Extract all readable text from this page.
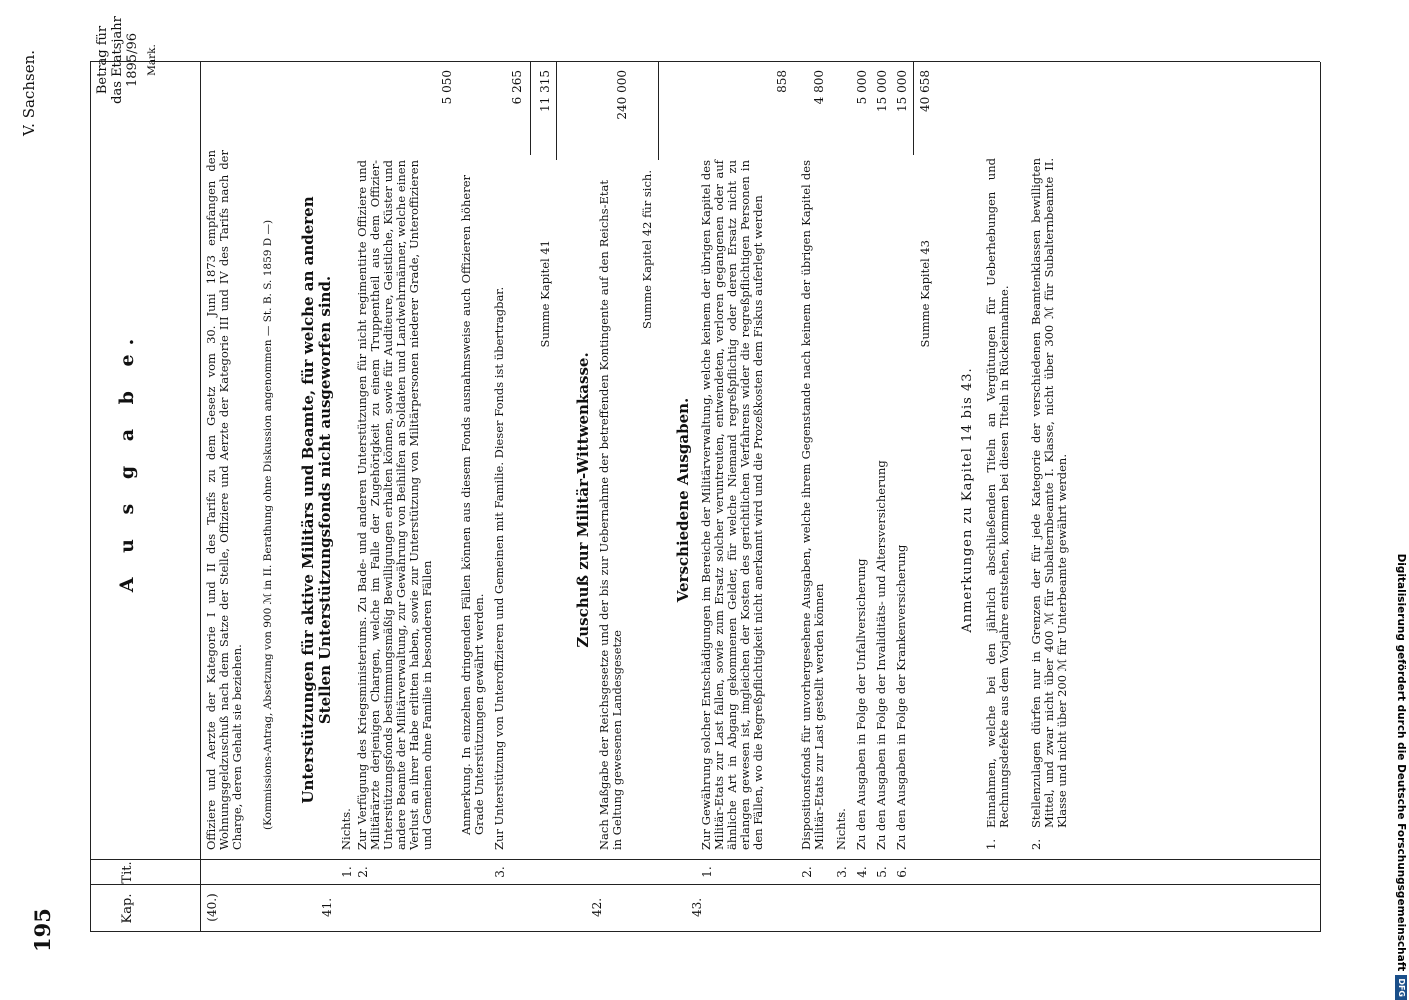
195
V. Sachsen.
Kap.
Tit.
A u s g a b e.
Betrag für das Etatsjahr 1895/96 Mark.
(40.)
Offiziere und Aerzte der Kategorie I und II des Tarifs zu dem Gesetz vom 30. Juni 1873 empfangen den Wohnungsgeldzuschuß nach dem Satze der Stelle, Offiziere und Aerzte der Kategorie III und IV des Tarifs nach der Charge, deren Gehalt sie beziehen. (Kommissions-Antrag, Absetzung von 900 ℳ in II. Berathung ohne Diskussion angenommen — St. B. S. 1859 D —)
41.
Unterstützungen für aktive Militärs und Beamte, für welche an anderen Stellen Unterstützungsfonds nicht ausgeworfen sind.
1.
Nichts.
2.
Zur Verfügung des Kriegsministeriums. Zu Bade- und anderen Unterstützungen für nicht regimentirte Offiziere und Militärärzte derjenigen Chargen, welche im Falle der Zugehörigkeit zu einem Truppentheil aus dem Offizier-Unterstützungsfonds bestimmungsmäßig Bewilligungen erhalten können, sowie für Auditeure, Geistliche, Küster und andere Beamte der Militärverwaltung, zur Gewährung von Beihilfen an Soldaten und Landwehrmänner, welche einen Verlust an ihrer Habe erlitten haben, sowie zur Unterstützung von Militärpersonen niederer Grade, Unteroffizieren und Gemeinen ohne Familie in besonderen Fällen
5 050
Anmerkung. In einzelnen dringenden Fällen können aus diesem Fonds ausnahmsweise auch Offizieren höherer Grade Unterstützungen gewährt werden.
3.
Zur Unterstützung von Unteroffizieren und Gemeinen mit Familie. Dieser Fonds ist übertragbar.
6 265
Summe Kapitel 41
11 315
42.
Zuschuß zur Militär-Wittwenkasse. Nach Maßgabe der Reichsgesetze und der bis zur Uebernahme der betreffenden Kontingente auf den Reichs-Etat in Geltung gewesenen Landesgesetze
240 000
Summe Kapitel 42 für sich.
43.
Verschiedene Ausgaben.
1.
Zur Gewährung solcher Entschädigungen im Bereiche der Militärverwaltung, welche keinem der übrigen Kapitel des Militär-Etats zur Last fallen, sowie zum Ersatz solcher veruntreuten, entwendeten, verloren gegangenen oder auf ähnliche Art in Abgang gekommenen Gelder, für welche Niemand regreßpflichtig oder deren Ersatz nicht zu erlangen gewesen ist, imgleichen der Kosten des gerichtlichen Verfahrens wider die regreßpflichtigen Personen in den Fällen, wo die Regreßpflichtigkeit nicht anerkannt wird und die Prozeßkosten dem Fiskus auferlegt werden
858
2.
Dispositionsfonds für unvorhergesehene Ausgaben, welche ihrem Gegenstande nach keinem der übrigen Kapitel des Militär-Etats zur Last gestellt werden können
4 800
3.
Nichts.
4.
Zu den Ausgaben in Folge der Unfallversicherung
5 000
5.
Zu den Ausgaben in Folge der Invaliditäts- und Altersversicherung
15 000
6.
Zu den Ausgaben in Folge der Krankenversicherung
15 000
Summe Kapitel 43
40 658
Anmerkungen zu Kapitel 14 bis 43.
1.
Einnahmen, welche bei den jährlich abschließenden Titeln an Vergütungen für Ueberhebungen und Rechnungsdefekte aus dem Vorjahre entstehen, kommen bei diesen Titeln in Rückeinnahme.
2.
Stellenzulagen dürfen nur in Grenzen der für jede Kategorie der verschiedenen Beamtenklassen bewilligten Mittel, und zwar nicht über 400 ℳ für Subalternbeamte I. Klasse, nicht über 300 ℳ für Subalternbeamte II. Klasse und nicht über 200 ℳ für Unterbeamte gewährt werden.	Digitalisierung gefördert durch die Deutsche ForschungsgemeinschaftDFG
